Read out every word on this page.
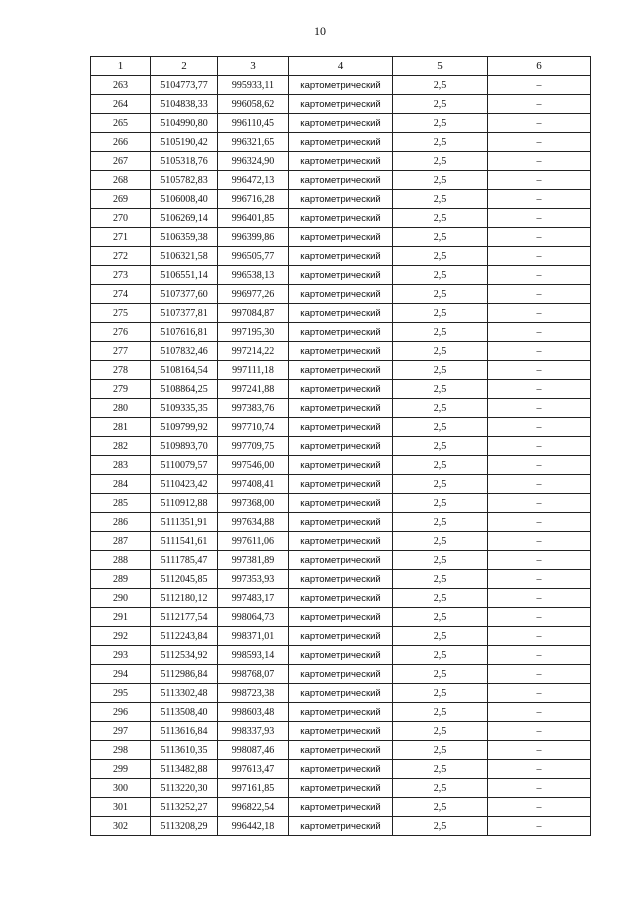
10
1	2	3	4	5	6
263	5104773,77	995933,11	картометрический	2,5	–
264	5104838,33	996058,62	картометрический	2,5	–
265	5104990,80	996110,45	картометрический	2,5	–
266	5105190,42	996321,65	картометрический	2,5	–
267	5105318,76	996324,90	картометрический	2,5	–
268	5105782,83	996472,13	картометрический	2,5	–
269	5106008,40	996716,28	картометрический	2,5	–
270	5106269,14	996401,85	картометрический	2,5	–
271	5106359,38	996399,86	картометрический	2,5	–
272	5106321,58	996505,77	картометрический	2,5	–
273	5106551,14	996538,13	картометрический	2,5	–
274	5107377,60	996977,26	картометрический	2,5	–
275	5107377,81	997084,87	картометрический	2,5	–
276	5107616,81	997195,30	картометрический	2,5	–
277	5107832,46	997214,22	картометрический	2,5	–
278	5108164,54	997111,18	картометрический	2,5	–
279	5108864,25	997241,88	картометрический	2,5	–
280	5109335,35	997383,76	картометрический	2,5	–
281	5109799,92	997710,74	картометрический	2,5	–
282	5109893,70	997709,75	картометрический	2,5	–
283	5110079,57	997546,00	картометрический	2,5	–
284	5110423,42	997408,41	картометрический	2,5	–
285	5110912,88	997368,00	картометрический	2,5	–
286	5111351,91	997634,88	картометрический	2,5	–
287	5111541,61	997611,06	картометрический	2,5	–
288	5111785,47	997381,89	картометрический	2,5	–
289	5112045,85	997353,93	картометрический	2,5	–
290	5112180,12	997483,17	картометрический	2,5	–
291	5112177,54	998064,73	картометрический	2,5	–
292	5112243,84	998371,01	картометрический	2,5	–
293	5112534,92	998593,14	картометрический	2,5	–
294	5112986,84	998768,07	картометрический	2,5	–
295	5113302,48	998723,38	картометрический	2,5	–
296	5113508,40	998603,48	картометрический	2,5	–
297	5113616,84	998337,93	картометрический	2,5	–
298	5113610,35	998087,46	картометрический	2,5	–
299	5113482,88	997613,47	картометрический	2,5	–
300	5113220,30	997161,85	картометрический	2,5	–
301	5113252,27	996822,54	картометрический	2,5	–
302	5113208,29	996442,18	картометрический	2,5	–
